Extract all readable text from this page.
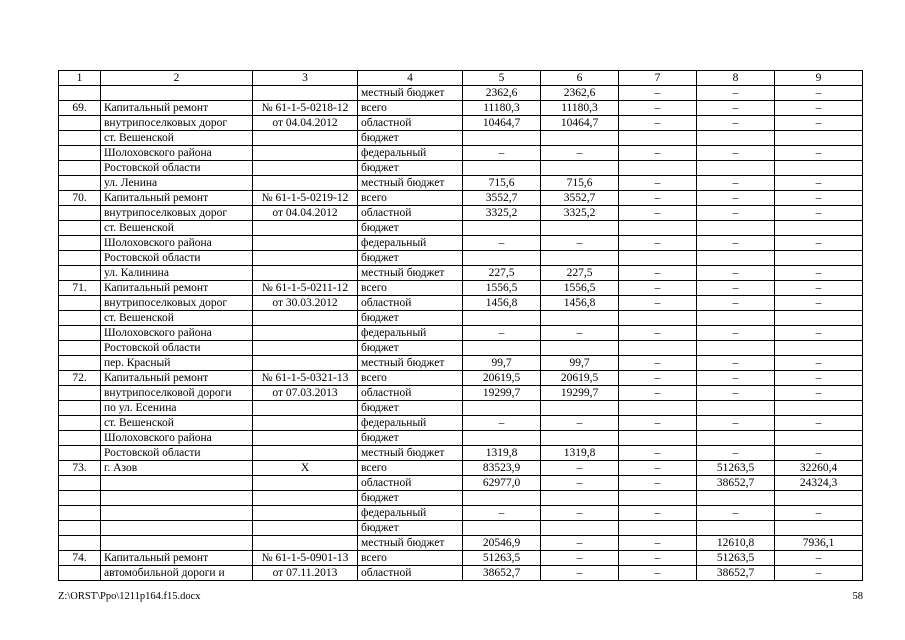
1	2	3	4	5	6	7	8	9
			местный бюджет	2362,6	2362,6	–	–	–
69.	Капитальный ремонт	№ 61-1-5-0218-12	всего	11180,3	11180,3	–	–	–
	внутрипоселковых дорог	от 04.04.2012	областной	10464,7	10464,7	–	–	–
	ст. Вешенской		бюджет					
	Шолоховского района		федеральный	–	–	–	–	–
	Ростовской области		бюджет					
	ул. Ленина		местный бюджет	715,6	715,6	–	–	–
70.	Капитальный ремонт	№ 61-1-5-0219-12	всего	3552,7	3552,7	–	–	–
	внутрипоселковых дорог	от 04.04.2012	областной	3325,2	3325,2	–	–	–
	ст. Вешенской		бюджет					
	Шолоховского района		федеральный	–	–	–	–	–
	Ростовской области		бюджет					
	ул. Калинина		местный бюджет	227,5	227,5	–	–	–
71.	Капитальный ремонт	№ 61-1-5-0211-12	всего	1556,5	1556,5	–	–	–
	внутрипоселковых дорог	от 30.03.2012	областной	1456,8	1456,8	–	–	–
	ст. Вешенской		бюджет					
	Шолоховского района		федеральный	–	–	–	–	–
	Ростовской области		бюджет					
	пер. Красный		местный бюджет	99,7	99,7	–	–	–
72.	Капитальный ремонт	№ 61-1-5-0321-13	всего	20619,5	20619,5	–	–	–
	внутрипоселковой дороги	от 07.03.2013	областной	19299,7	19299,7	–	–	–
	по ул. Есенина		бюджет					
	ст. Вешенской		федеральный	–	–	–	–	–
	Шолоховского района		бюджет					
	Ростовской области		местный бюджет	1319,8	1319,8	–	–	–
73.	г. Азов	X	всего	83523,9	–	–	51263,5	32260,4
			областной	62977,0	–	–	38652,7	24324,3
			бюджет					
			федеральный	–	–	–	–	–
			бюджет					
			местный бюджет	20546,9	–	–	12610,8	7936,1
74.	Капитальный ремонт	№ 61-1-5-0901-13	всего	51263,5	–	–	51263,5	–
	автомобильной дороги и	от 07.11.2013	областной	38652,7	–	–	38652,7	–
Z:\ORST\Ppo\1211p164.f15.docx	58
